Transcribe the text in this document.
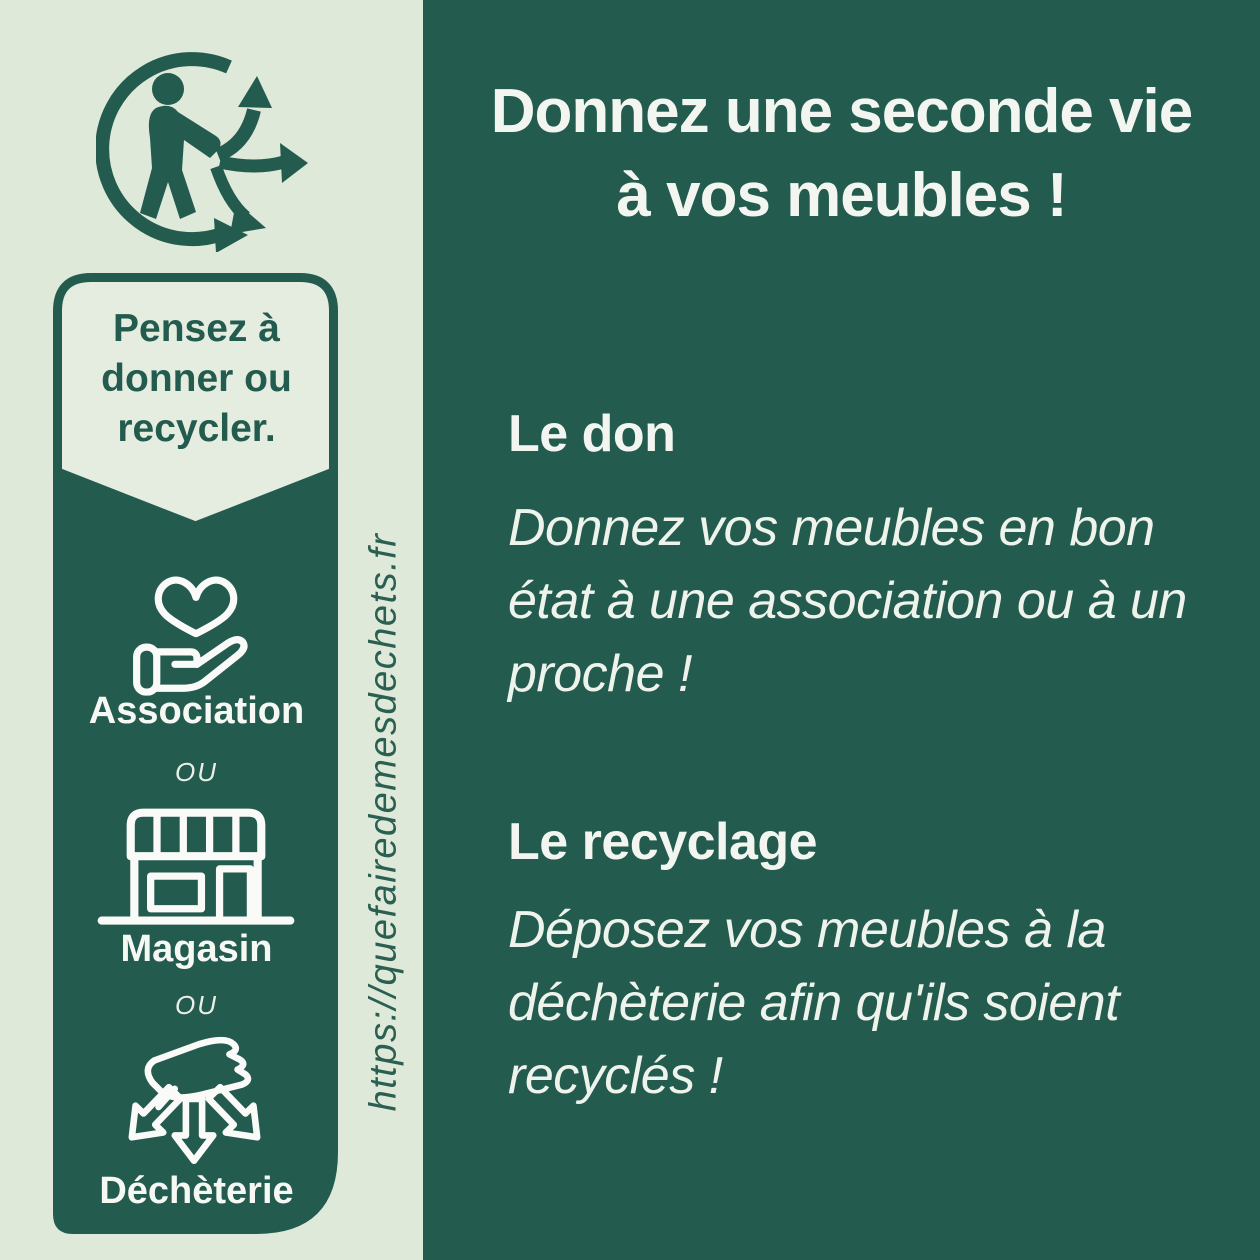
Pensez à
donner ou
recycler.
Association
OU
Magasin
OU
Déchèterie
https://quefairedemesdechets.fr
Donnez une seconde vie
à vos meubles !
Le don
Donnez vos meubles en bon
état à une association ou à un
proche !
Le recyclage
Déposez vos meubles à la
déchèterie afin qu'ils soient
recyclés !
